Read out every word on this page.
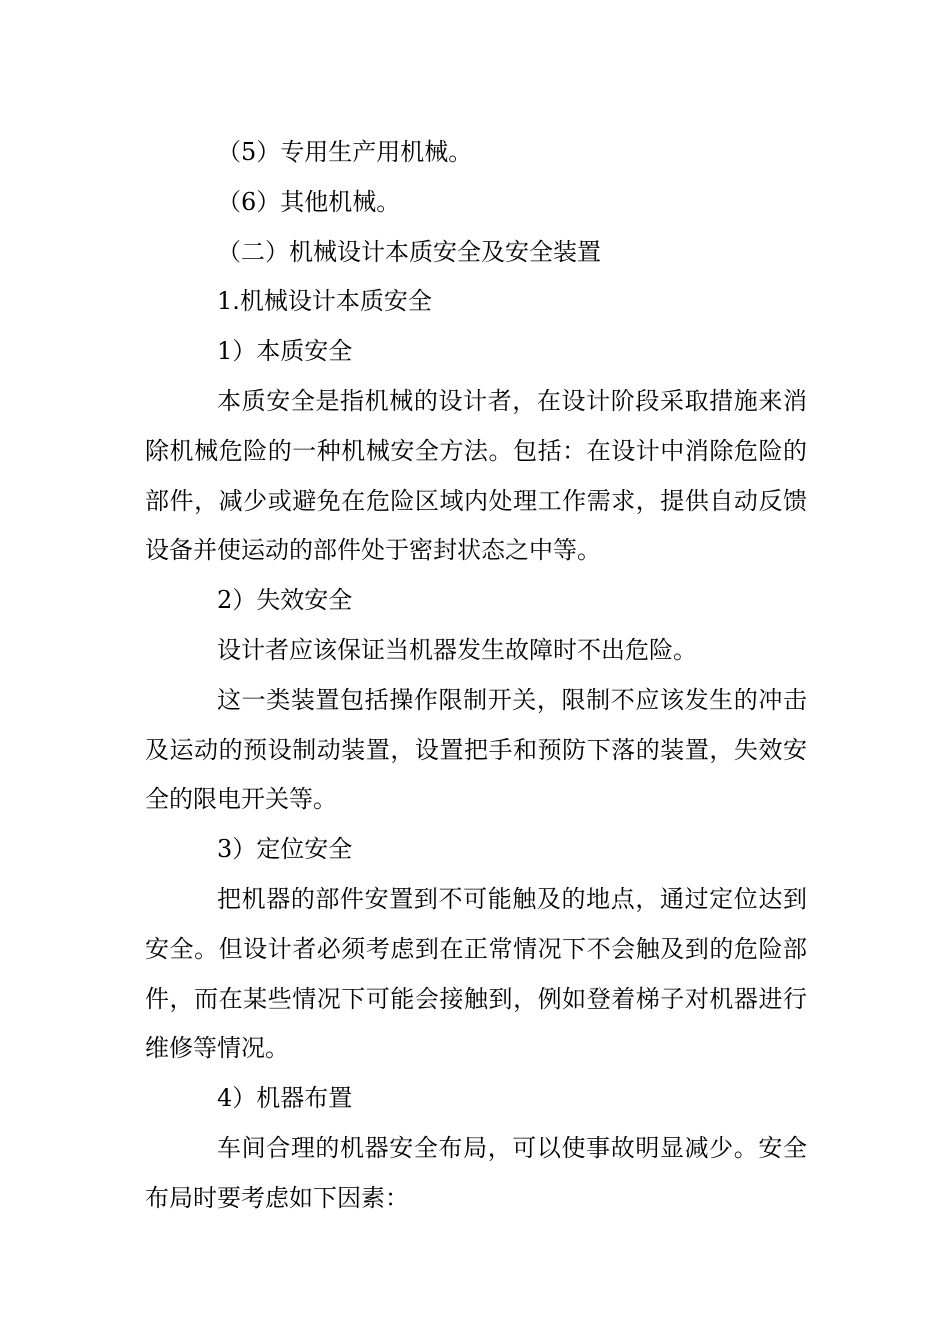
（5）专用生产用机械。

（6）其他机械。

（二）机械设计本质安全及安全装置

1.机械设计本质安全

1）本质安全

本质安全是指机械的设计者，在设计阶段采取措施来消除机械危险的一种机械安全方法。包括：在设计中消除危险的部件，减少或避免在危险区域内处理工作需求，提供自动反馈设备并使运动的部件处于密封状态之中等。

2）失效安全

设计者应该保证当机器发生故障时不出危险。

这一类装置包括操作限制开关，限制不应该发生的冲击及运动的预设制动装置，设置把手和预防下落的装置，失效安全的限电开关等。

3）定位安全

把机器的部件安置到不可能触及的地点，通过定位达到安全。但设计者必须考虑到在正常情况下不会触及到的危险部件，而在某些情况下可能会接触到，例如登着梯子对机器进行维修等情况。

4）机器布置

车间合理的机器安全布局，可以使事故明显减少。安全布局时要考虑如下因素：
